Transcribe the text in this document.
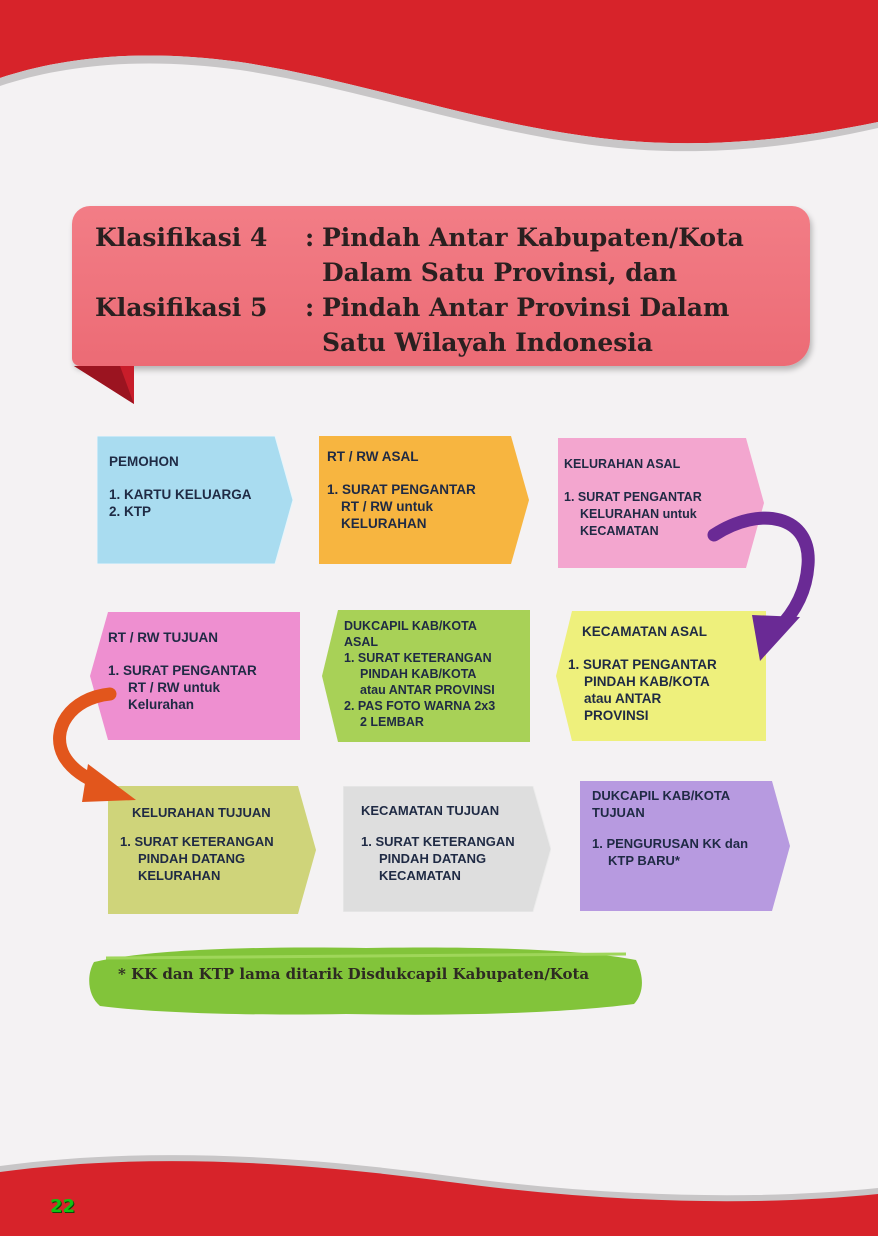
Klasifikasi 4	: Pindah Antar Kabupaten/Kota
Dalam Satu Provinsi, dan
Klasifikasi 5	: Pindah Antar Provinsi Dalam
Satu Wilayah Indonesia
PEMOHON
1. KARTU KELUARGA
2. KTP
RT / RW ASAL
1. SURAT PENGANTAR
RT / RW untuk
KELURAHAN
KELURAHAN ASAL
1. SURAT PENGANTAR
KELURAHAN untuk
KECAMATAN
RT / RW TUJUAN
1. SURAT PENGANTAR
RT / RW untuk
Kelurahan
DUKCAPIL KAB/KOTA
ASAL
1. SURAT KETERANGAN
PINDAH KAB/KOTA
atau ANTAR PROVINSI
2. PAS FOTO WARNA 2x3
2 LEMBAR
KECAMATAN ASAL
1. SURAT PENGANTAR
PINDAH KAB/KOTA
atau ANTAR
PROVINSI
KELURAHAN TUJUAN
1. SURAT KETERANGAN
PINDAH DATANG
KELURAHAN
KECAMATAN TUJUAN
1. SURAT KETERANGAN
PINDAH DATANG
KECAMATAN
DUKCAPIL KAB/KOTA
TUJUAN
1. PENGURUSAN KK dan
KTP BARU*
* KK dan KTP lama ditarik Disdukcapil Kabupaten/Kota
22
